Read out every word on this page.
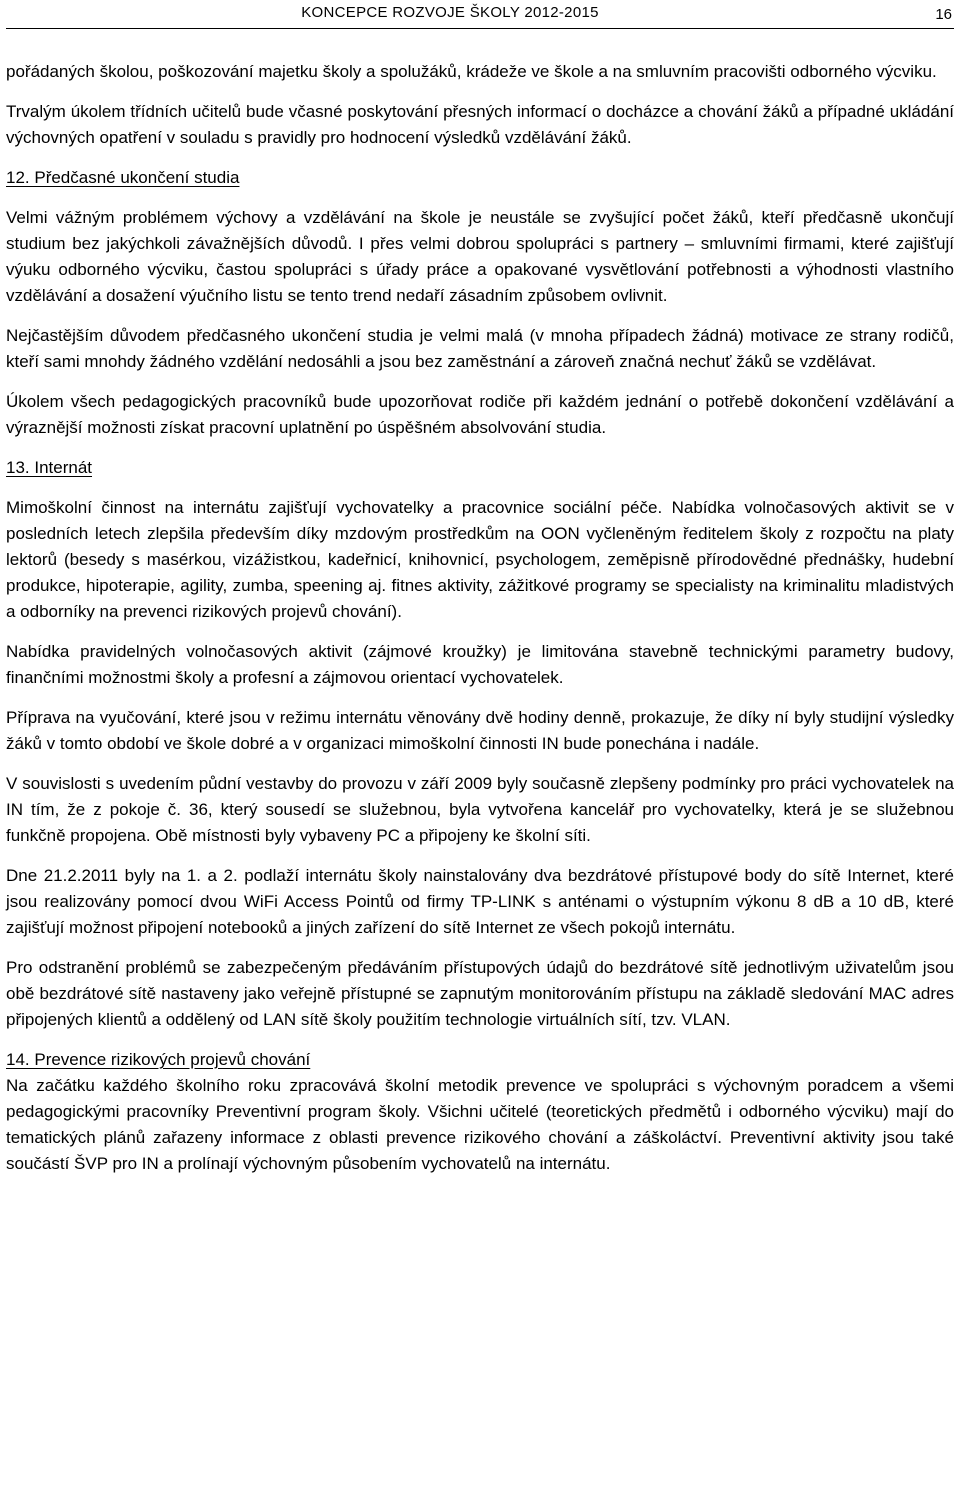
KONCEPCE ROZVOJE ŠKOLY 2012-2015	16

pořádaných školou, poškozování majetku školy a spolužáků, krádeže ve škole a na smluvním pracovišti odborného výcviku.

Trvalým úkolem třídních učitelů bude včasné poskytování přesných informací o docházce a chování žáků a případné ukládání výchovných opatření v souladu s pravidly pro hodnocení výsledků vzdělávání žáků.

12. Předčasné ukončení studia

Velmi vážným problémem výchovy a vzdělávání na škole je neustále se zvyšující počet žáků, kteří předčasně ukončují studium bez jakýchkoli závažnějších důvodů. I přes velmi dobrou spolupráci s partnery – smluvními firmami, které zajišťují výuku odborného výcviku, častou spolupráci s úřady práce a opakované vysvětlování potřebnosti a výhodnosti vlastního vzdělávání a dosažení výučního listu se tento trend nedaří zásadním způsobem ovlivnit.

Nejčastějším důvodem předčasného ukončení studia je velmi malá (v mnoha případech žádná) motivace ze strany rodičů, kteří sami mnohdy žádného vzdělání nedosáhli a jsou bez zaměstnání a zároveň značná nechuť žáků se vzdělávat.

Úkolem všech pedagogických pracovníků bude upozorňovat rodiče při každém jednání o potřebě dokončení vzdělávání a výraznější možnosti získat pracovní uplatnění po úspěšném absolvování studia.

13. Internát

Mimoškolní činnost na internátu zajišťují vychovatelky a pracovnice sociální péče. Nabídka volnočasových aktivit se v posledních letech zlepšila především díky mzdovým prostředkům na OON vyčleněným ředitelem školy z rozpočtu na platy lektorů (besedy s masérkou, vizážistkou, kadeřnicí, knihovnicí, psychologem, zeměpisně přírodovědné přednášky, hudební produkce, hipoterapie, agility, zumba, speening aj. fitnes aktivity, zážitkové programy se specialisty na kriminalitu mladistvých a odborníky na prevenci rizikových projevů chování).

Nabídka pravidelných volnočasových aktivit (zájmové kroužky) je limitována stavebně technickými parametry budovy, finančními možnostmi školy a profesní a zájmovou orientací vychovatelek.

Příprava na vyučování, které jsou v režimu internátu věnovány dvě hodiny denně, prokazuje, že díky ní byly studijní výsledky žáků v tomto období ve škole dobré a v organizaci mimoškolní činnosti IN bude ponechána i nadále.

V souvislosti s uvedením půdní vestavby do provozu v září 2009 byly současně zlepšeny podmínky pro práci vychovatelek na IN tím, že z pokoje č. 36, který sousedí se služebnou, byla vytvořena kancelář pro vychovatelky, která je se služebnou funkčně propojena. Obě místnosti byly vybaveny PC a připojeny ke školní síti.

Dne 21.2.2011 byly na 1. a 2. podlaží internátu školy nainstalovány dva bezdrátové přístupové body do sítě Internet, které jsou realizovány pomocí dvou WiFi Access Pointů od firmy TP-LINK s anténami o výstupním výkonu 8 dB a 10 dB, které zajišťují možnost připojení notebooků a jiných zařízení do sítě Internet ze všech pokojů internátu.

Pro odstranění problémů se zabezpečeným předáváním přístupových údajů do bezdrátové sítě jednotlivým uživatelům jsou obě bezdrátové sítě nastaveny jako veřejně přístupné se zapnutým monitorováním přístupu na základě sledování MAC adres připojených klientů a oddělený od LAN sítě školy použitím technologie virtuálních sítí, tzv. VLAN.

14. Prevence rizikových projevů chování

Na začátku každého školního roku zpracovává školní metodik prevence ve spolupráci s výchovným poradcem a všemi pedagogickými pracovníky Preventivní program školy. Všichni učitelé (teoretických předmětů i odborného výcviku) mají do tematických plánů zařazeny informace z oblasti prevence rizikového chování a záškoláctví. Preventivní aktivity jsou také součástí ŠVP pro IN a prolínají výchovným působením vychovatelů na internátu.
